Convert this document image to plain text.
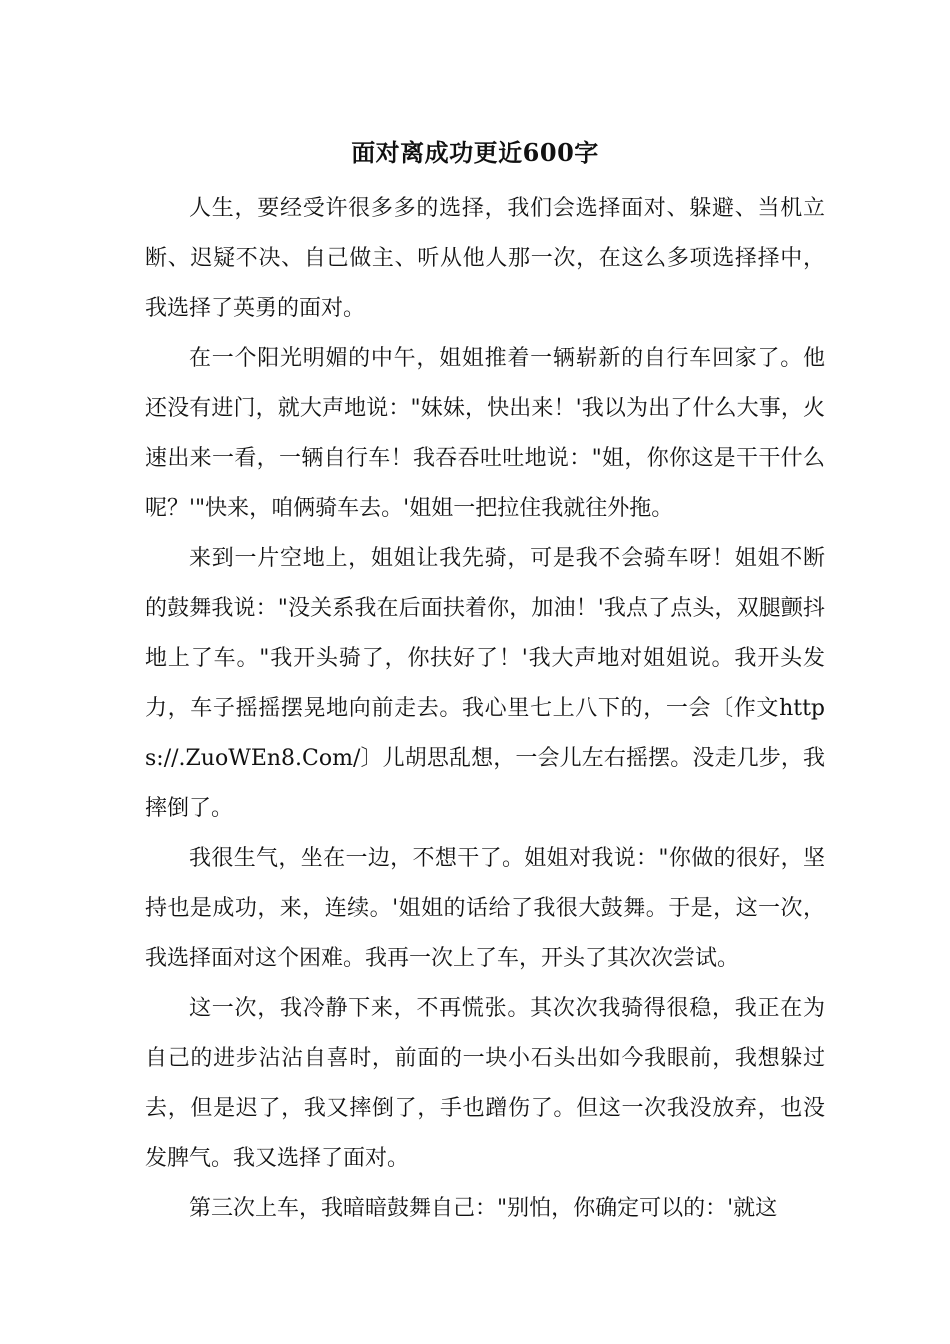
面对离成功更近600字

人生，要经受许很多多的选择，我们会选择面对、躲避、当机立断、迟疑不决、自己做主、听从他人那一次，在这么多项选择择中，我选择了英勇的面对。

在一个阳光明媚的中午，姐姐推着一辆崭新的自行车回家了。他还没有进门，就大声地说："妹妹，快出来！'我以为出了什么大事，火速出来一看，一辆自行车！我吞吞吐吐地说："姐，你你这是干干什么呢？'"快来，咱俩骑车去。'姐姐一把拉住我就往外拖。

来到一片空地上，姐姐让我先骑，可是我不会骑车呀！姐姐不断的鼓舞我说："没关系我在后面扶着你，加油！'我点了点头，双腿颤抖地上了车。"我开头骑了，你扶好了！'我大声地对姐姐说。我开头发力，车子摇摇摆晃地向前走去。我心里七上八下的，一会〔作文https://.ZuoWEn8.Com/〕儿胡思乱想，一会儿左右摇摆。没走几步，我摔倒了。

我很生气，坐在一边，不想干了。姐姐对我说："你做的很好，坚持也是成功，来，连续。'姐姐的话给了我很大鼓舞。于是，这一次，我选择面对这个困难。我再一次上了车，开头了其次次尝试。

这一次，我冷静下来，不再慌张。其次次我骑得很稳，我正在为自己的进步沾沾自喜时，前面的一块小石头出如今我眼前，我想躲过去，但是迟了，我又摔倒了，手也蹭伤了。但这一次我没放弃，也没发脾气。我又选择了面对。

第三次上车，我暗暗鼓舞自己："别怕，你确定可以的：'就这
